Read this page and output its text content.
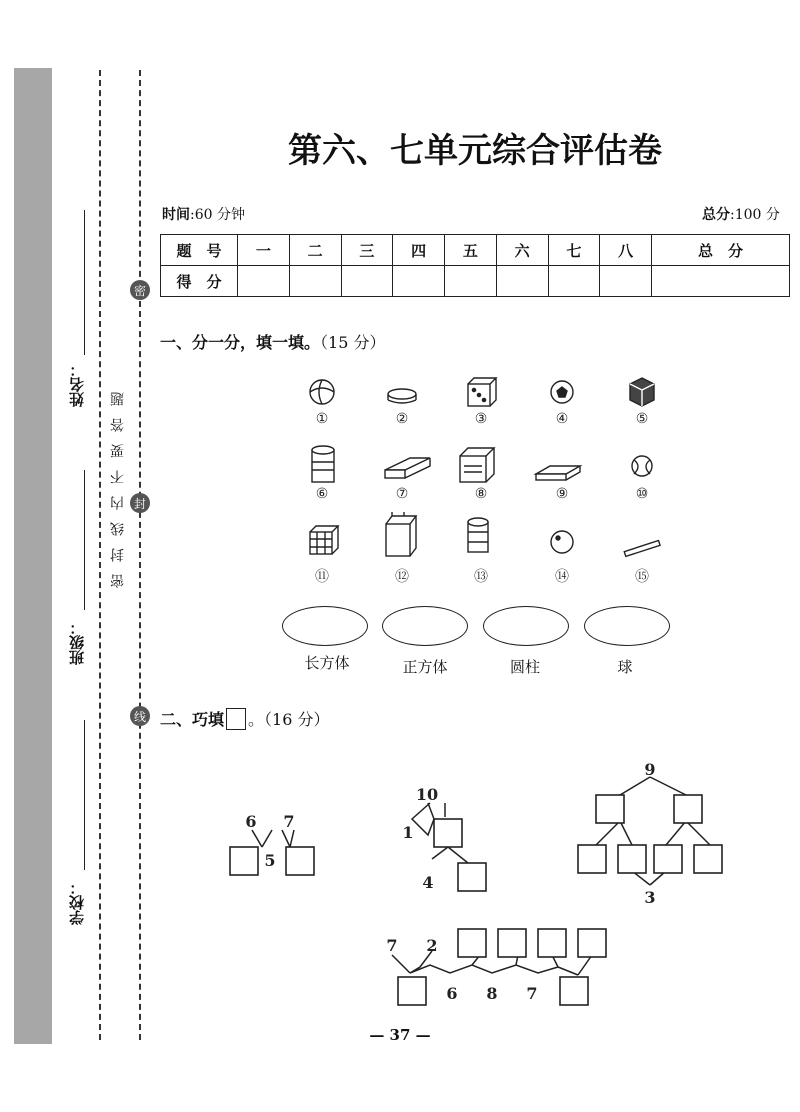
学校：
班级：
姓名：
密
封
线
密封线内不要答题
第六、七单元综合评估卷
时间:60 分钟	总分:100 分
题　号	一	二	三	四	五	六	七	八	总　分
得　分									
一、分一分，填一填。（15 分）
①	②	③	④	⑤
⑥	⑦	⑧	⑨	⑩
⑪	⑫	⑬	⑭	⑮
长方体	正方体	圆柱	球
二、巧填 。（16 分）
6 7
5
10
1
4
9
3
7 2
6 8 7
— 37 —
